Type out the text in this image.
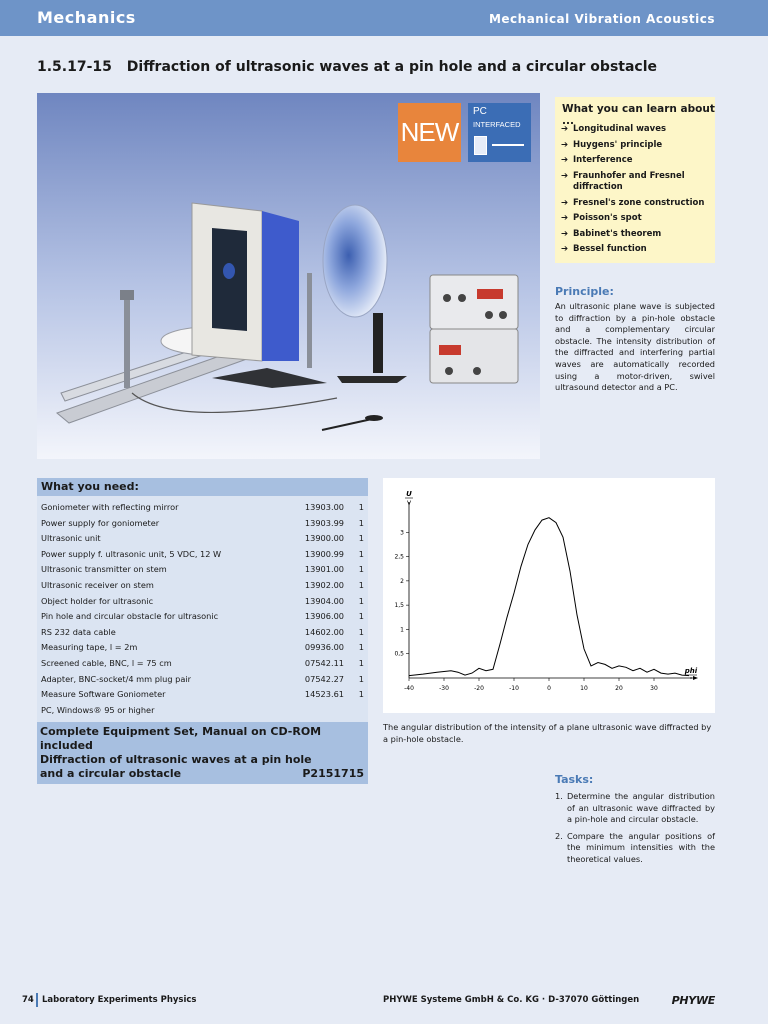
Mechanics	Mechanical Vibration Acoustics
1.5.17-15 Diffraction of ultrasonic waves at a pin hole and a circular obstacle
NEW
PC
INTERFACED
What you can learn about ...
➔ Longitudinal waves
➔ Huygens' principle
➔ Interference
➔ Fraunhofer and Fresnel diffraction
➔ Fresnel's zone construction
➔ Poisson's spot
➔ Babinet's theorem
➔ Bessel function
Principle:
An ultrasonic plane wave is subjected to diffraction by a pin-hole obstacle and a complementary circular obstacle. The intensity distribution of the diffracted and interfering partial waves are automatically recorded using a motor-driven, swivel ultrasound detector and a PC.
What you need:
Goniometer with reflecting mirror	13903.00 1
Power supply for goniometer	13903.99 1
Ultrasonic unit	13900.00 1
Power supply f. ultrasonic unit, 5 VDC, 12 W	13900.99 1
Ultrasonic transmitter on stem	13901.00 1
Ultrasonic receiver on stem	13902.00 1
Object holder for ultrasonic	13904.00 1
Pin hole and circular obstacle for ultrasonic	13906.00 1
RS 232 data cable	14602.00 1
Measuring tape, l = 2m	09936.00 1
Screened cable, BNC, l = 75 cm	07542.11 1
Adapter, BNC-socket/4 mm plug pair	07542.27 1
Measure Software Goniometer	14523.61 1
PC, Windows® 95 or higher
Complete Equipment Set, Manual on CD-ROM included
Diffraction of ultrasonic waves at a pin hole
and a circular obstacle	P2151715
-40	-30	-20	-10	0	10	20	30
0,5
1
1,5
2
2,5
3
U
V
phi
°
The angular distribution of the intensity of a plane ultrasonic wave diffracted by a pin-hole obstacle.
Tasks:
1. Determine the angular distribution of an ultrasonic wave diffracted by a pin-hole and circular obstacle.
2. Compare the angular positions of the minimum intensities with the theoretical values.
74 Laboratory Experiments Physics	PHYWE Systeme GmbH & Co. KG · D-37070 Göttingen	PHYWE
